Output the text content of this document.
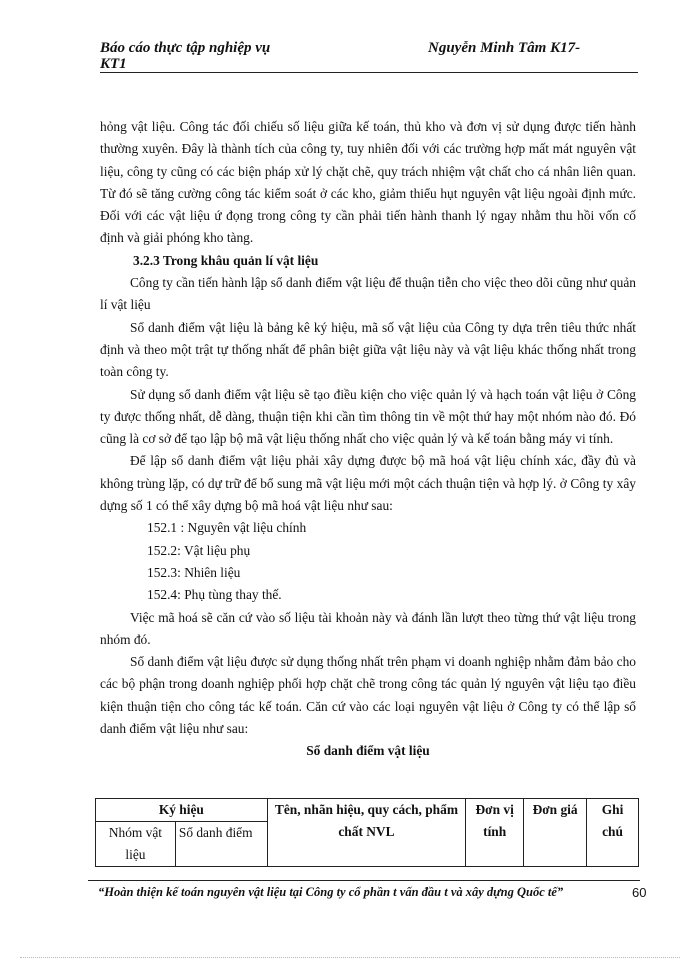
Báo cáo thực tập nghiệp vụ	Nguyễn Minh Tâm K17-
KT1

hỏng vật liệu. Công tác đối chiếu số liệu giữa kế toán, thủ kho và đơn vị sử dụng được tiến hành thường xuyên. Đây là thành tích của công ty, tuy nhiên đối với các trường hợp mất mát nguyên vật liệu, công ty cũng có các biện pháp xử lý chặt chẽ, quy trách nhiệm vật chất cho cá nhân liên quan. Từ đó sẽ tăng cường công tác kiểm soát ở các kho, giảm thiểu hụt nguyên vật liệu ngoài định mức. Đối với các vật liệu ứ đọng trong công ty cần phải tiến hành thanh lý ngay nhằm thu hồi vốn cố định và giải phóng kho tàng.

3.2.3 Trong khâu quản lí vật liệu

Công ty cần tiến hành lập sổ danh điểm vật liệu để thuận tiễn cho việc theo dõi cũng như quản lí vật liệu

Sổ danh điểm vật liệu là bảng kê ký hiệu, mã số vật liệu của Công ty dựa trên tiêu thức nhất định và theo một trật tự thống nhất để phân biệt giữa vật liệu này và vật liệu khác thống nhất trong toàn công ty.

Sử dụng sổ danh điểm vật liệu sẽ tạo điều kiện cho việc quản lý và hạch toán vật liệu ở Công ty được thống nhất, dễ dàng, thuận tiện khi cần tìm thông tin về một thứ hay một nhóm nào đó. Đó cũng là cơ sở để tạo lập bộ mã vật liệu thống nhất cho việc quản lý và kế toán bằng máy vi tính.

Để lập sổ danh điểm vật liệu phải xây dựng được bộ mã hoá vật liệu chính xác, đầy đủ và không trùng lặp, có dự trữ để bổ sung mã vật liệu mới một cách thuận tiện và hợp lý. ở Công ty xây dựng số 1 có thể xây dựng bộ mã hoá vật liệu như sau:

152.1 : Nguyên vật liệu chính

152.2: Vật liệu phụ

152.3: Nhiên liệu

152.4: Phụ tùng thay thế.

Việc mã hoá sẽ căn cứ vào số liệu tài khoản này và đánh lần lượt theo từng thứ vật liệu trong nhóm đó.

Sổ danh điểm vật liệu được sử dụng thống nhất trên phạm vi doanh nghiệp nhằm đảm bảo cho các bộ phận trong doanh nghiệp phối hợp chặt chẽ trong công tác quản lý nguyên vật liệu tạo điều kiện thuận tiện cho công tác kế toán. Căn cứ vào các loại nguyên vật liệu ở Công ty có thể lập sổ danh điểm vật liệu như sau:

Sổ danh điểm vật liệu

Ký hiệu		Tên, nhãn hiệu, quy cách, phẩm chất NVL	Đơn vị tính	Đơn giá	Ghi chú
Nhóm vật liệu	Sổ danh điểm				
“Hoàn thiện kế toán nguyên vật liệu tại Công ty cổ phần t vấn đầu t và xây dựng Quốc tế”	60
